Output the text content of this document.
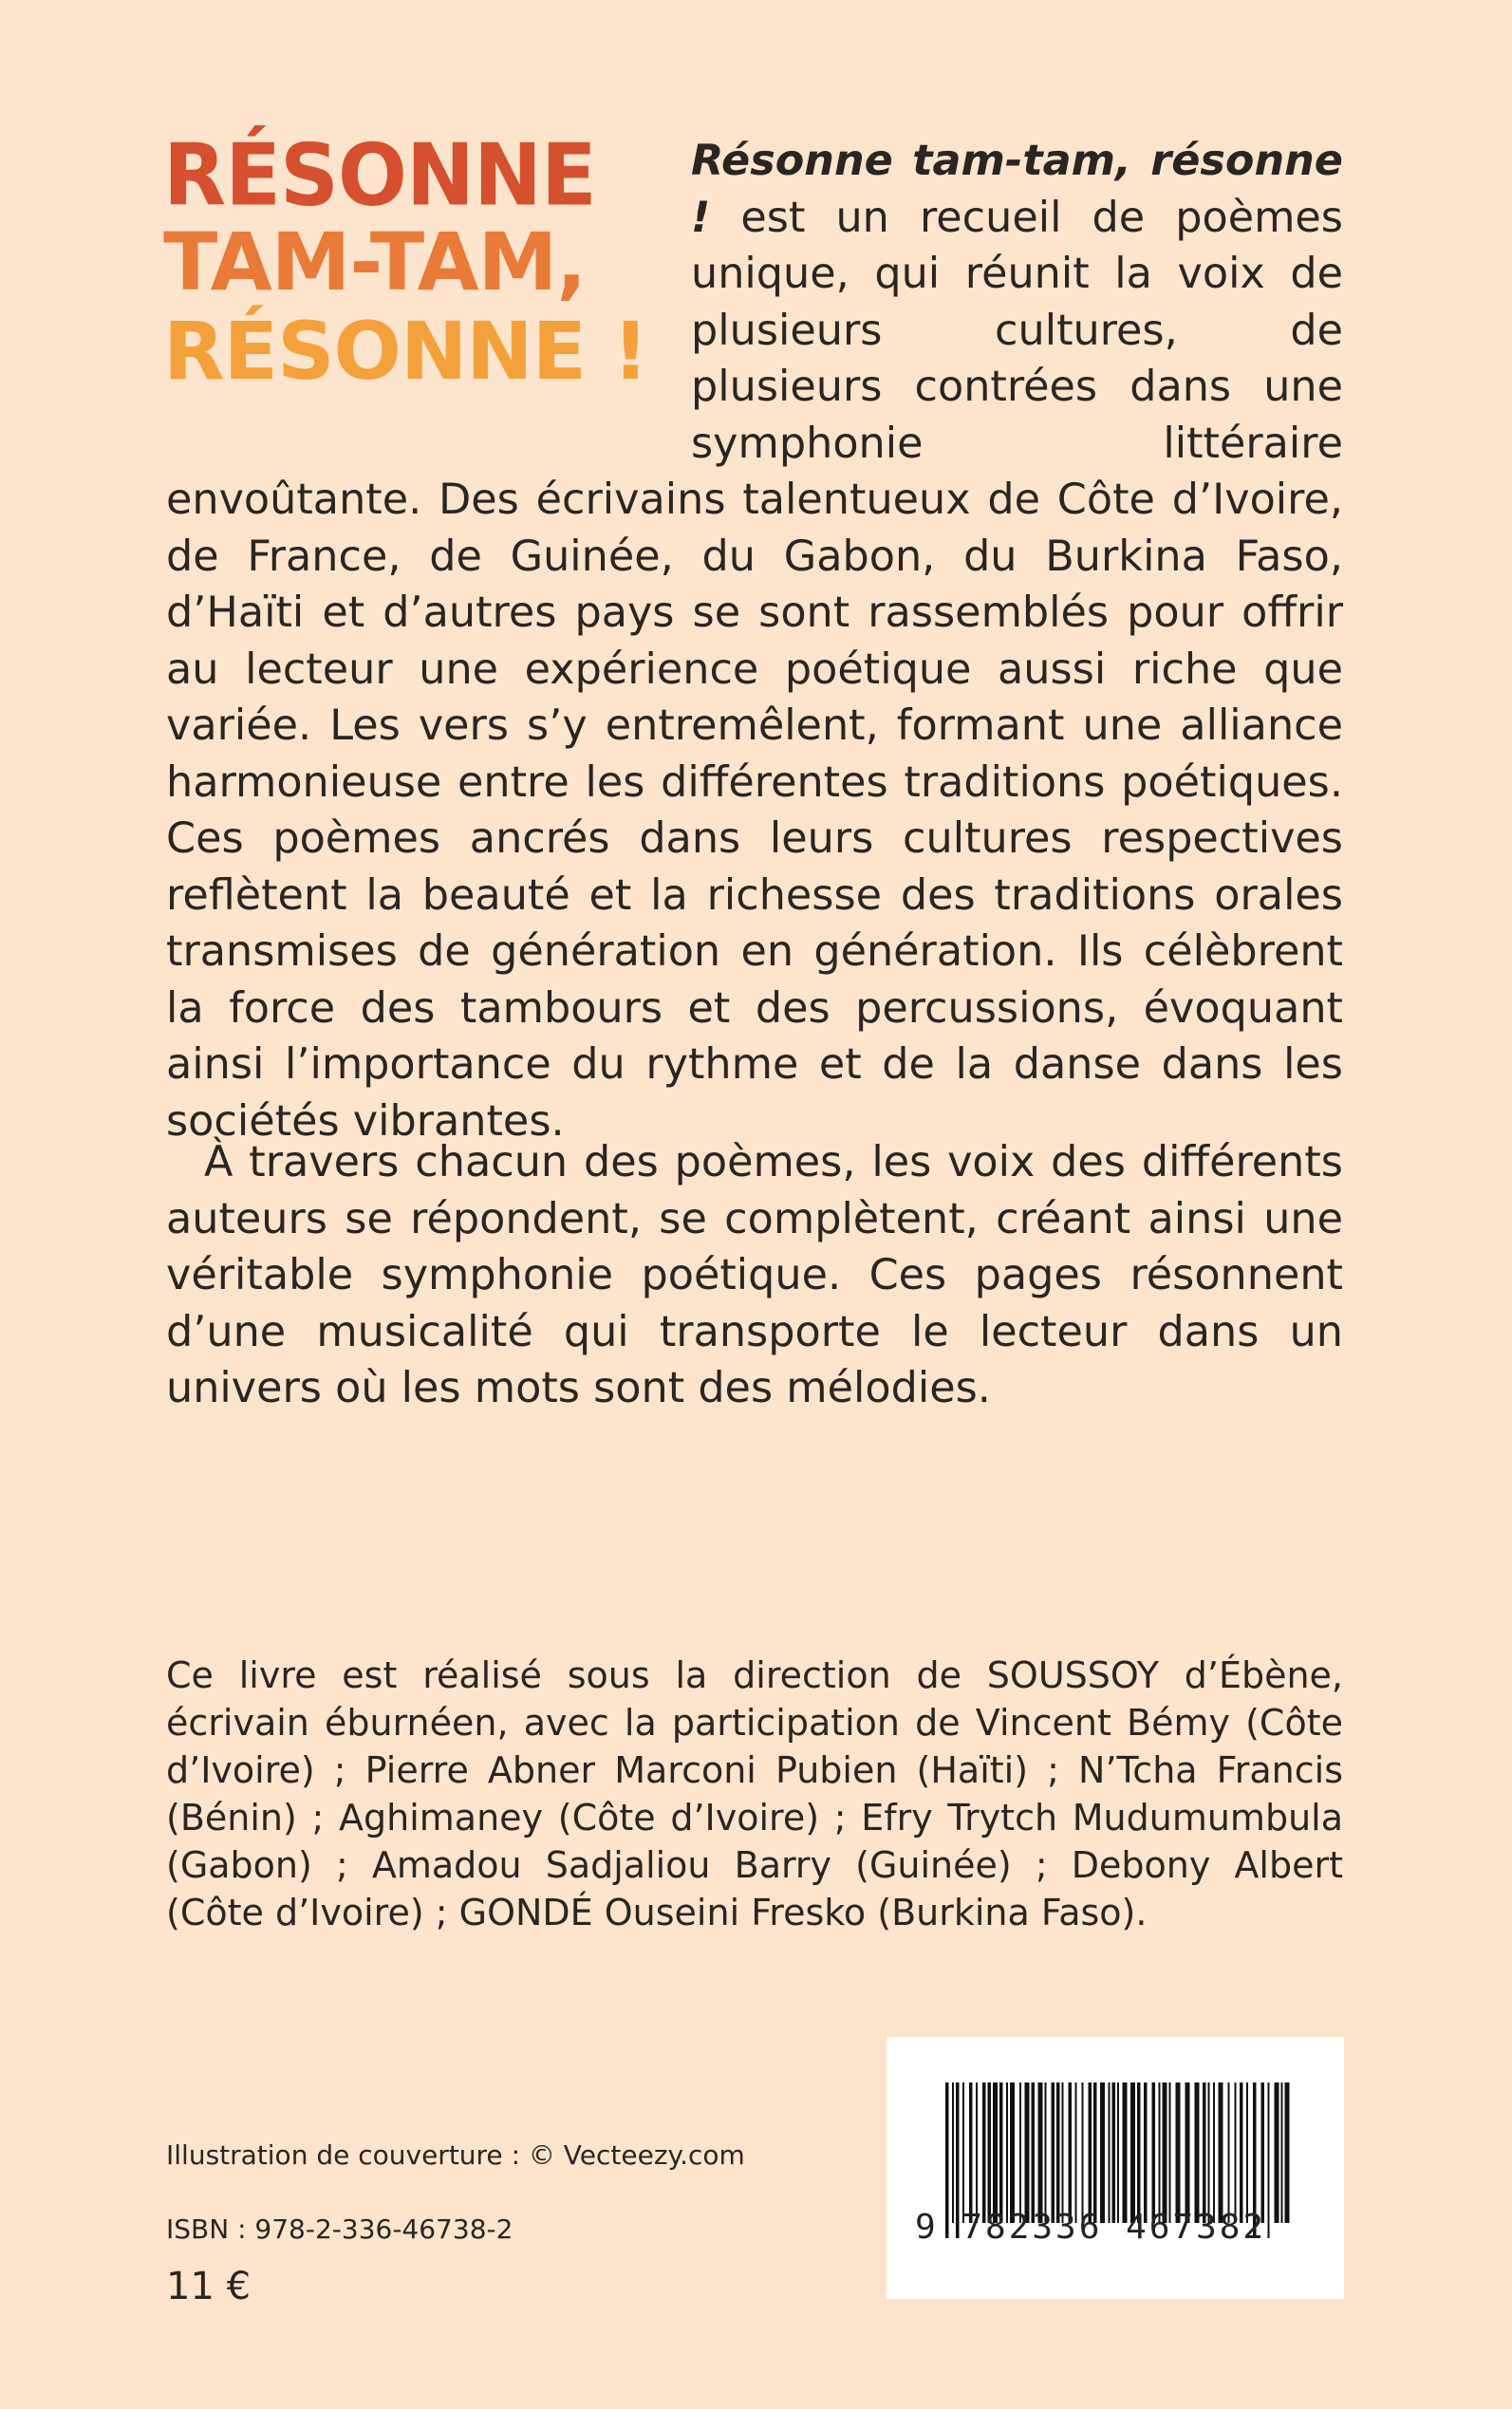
RÉSONNE
TAM-TAM,
RÉSONNE !

Résonne tam-tam, résonne ! est un recueil de poèmes unique, qui réunit la voix de plusieurs cultures, de plusieurs contrées dans une symphonie littéraire envoûtante. Des écrivains talentueux de Côte d’Ivoire, de France, de Guinée, du Gabon, du Burkina Faso, d’Haïti et d’autres pays se sont rassemblés pour offrir au lecteur une expérience poétique aussi riche que variée. Les vers s’y entremêlent, formant une alliance harmonieuse entre les différentes traditions poétiques. Ces poèmes ancrés dans leurs cultures respectives reflètent la beauté et la richesse des traditions orales transmises de génération en génération. Ils célèbrent la force des tambours et des percussions, évoquant ainsi l’importance du rythme et de la danse dans les sociétés vibrantes.

À travers chacun des poèmes, les voix des différents auteurs se répondent, se complètent, créant ainsi une véritable symphonie poétique. Ces pages résonnent d’une musicalité qui transporte le lecteur dans un univers où les mots sont des mélodies.

Ce livre est réalisé sous la direction de SOUSSOY d’Ébène, écrivain éburnéen, avec la participation de Vincent Bémy (Côte d’Ivoire) ; Pierre Abner Marconi Pubien (Haïti) ; N’Tcha Francis (Bénin) ; Aghimaney (Côte d’Ivoire) ; Efry Trytch Mudumumbula (Gabon) ; Amadou Sadjaliou Barry (Guinée) ; Debony Albert (Côte d’Ivoire) ; GONDÉ Ouseini Fresko (Burkina Faso).

Illustration de couverture : © Vecteezy.com
ISBN : 978-2-336-46738-2
11 €
9 782336 467382
